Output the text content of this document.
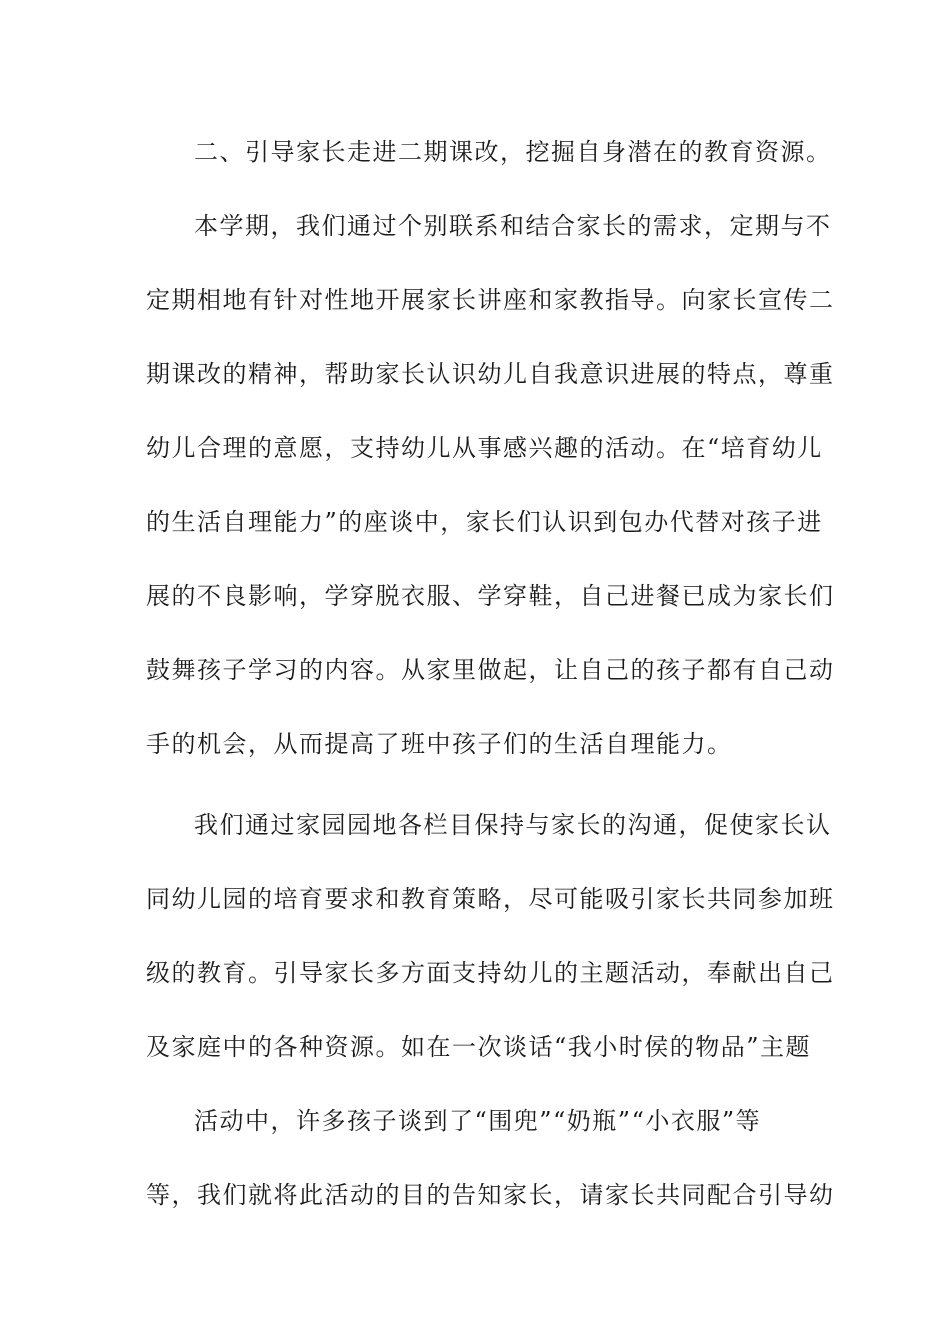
二、引导家长走进二期课改，挖掘自身潜在的教育资源。
本学期，我们通过个别联系和结合家长的需求，定期与不
定期相地有针对性地开展家长讲座和家教指导。向家长宣传二
期课改的精神，帮助家长认识幼儿自我意识进展的特点，尊重
幼儿合理的意愿，支持幼儿从事感兴趣的活动。在“培育幼儿
的生活自理能力”的座谈中，家长们认识到包办代替对孩子进
展的不良影响，学穿脱衣服、学穿鞋，自己进餐已成为家长们
鼓舞孩子学习的内容。从家里做起，让自己的孩子都有自己动
手的机会，从而提高了班中孩子们的生活自理能力。
我们通过家园园地各栏目保持与家长的沟通，促使家长认
同幼儿园的培育要求和教育策略，尽可能吸引家长共同参加班
级的教育。引导家长多方面支持幼儿的主题活动，奉献出自己
及家庭中的各种资源。如在一次谈话“我小时侯的物品”主题
活动中，许多孩子谈到了“围兜”“奶瓶”“小衣服”等
等，我们就将此活动的目的告知家长，请家长共同配合引导幼
